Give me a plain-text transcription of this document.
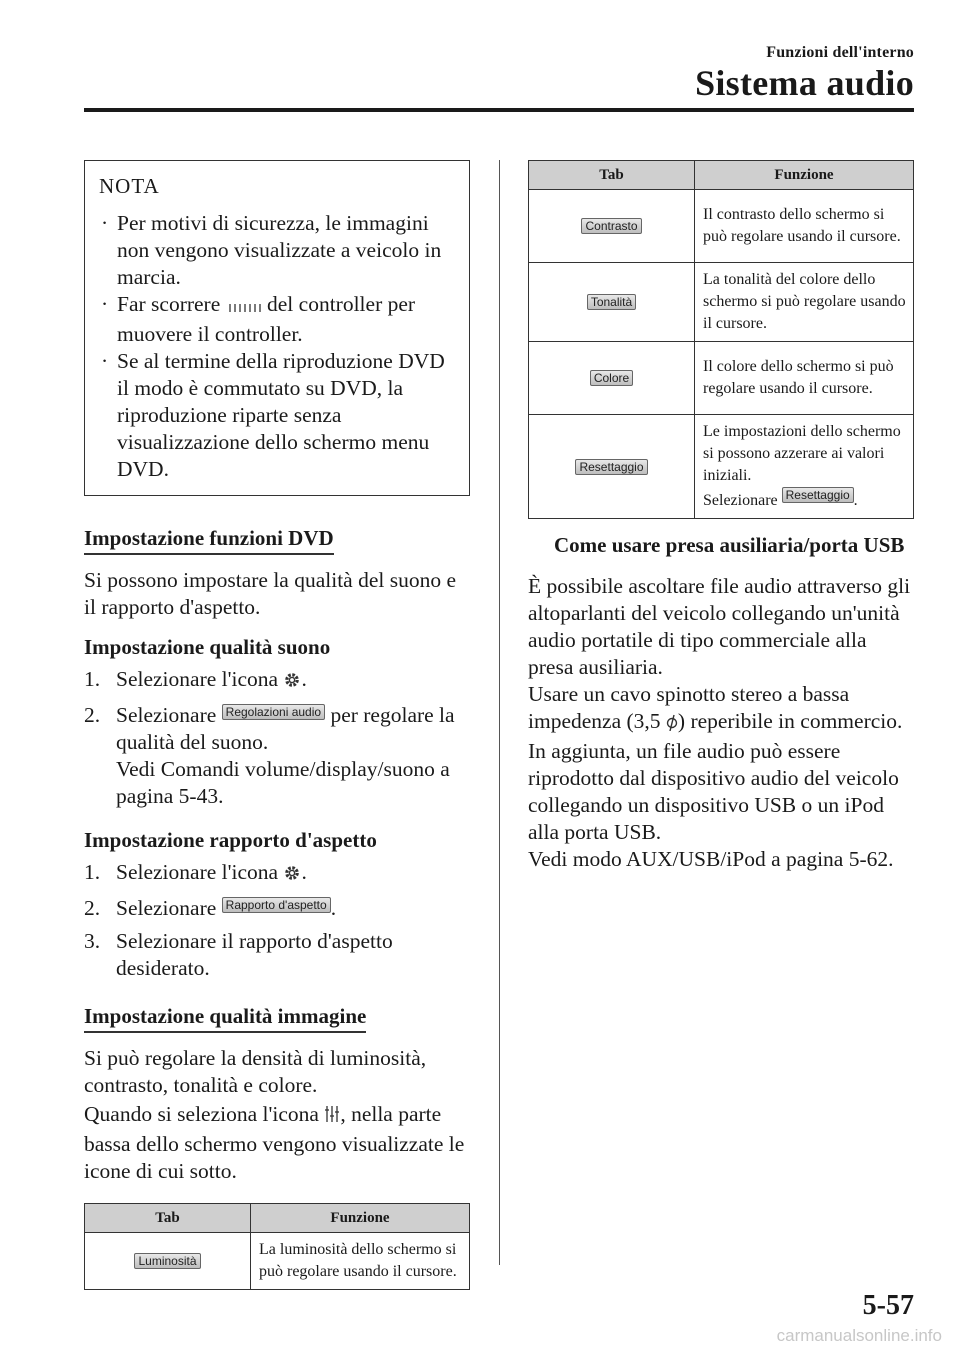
Funzioni dell'interno
Sistema audio
NOTA
· Per motivi di sicurezza, le immagini non vengono visualizzate a veicolo in marcia.
· Far scorrere del controller per muovere il controller.
· Se al termine della riproduzione DVD il modo è commutato su DVD, la riproduzione riparte senza visualizzazione dello schermo menu DVD.
Impostazione funzioni DVD

Si possono impostare la qualità del suono e il rapporto d'aspetto.

Impostazione qualità suono
1. Selezionare l'icona .
2. Selezionare Regolazioni audio per regolare la qualità del suono.
Vedi Comandi volume/display/suono a pagina 5-43.
Impostazione rapporto d'aspetto
1. Selezionare l'icona .
2. Selezionare Rapporto d'aspetto .
3. Selezionare il rapporto d'aspetto desiderato.
Impostazione qualità immagine

Si può regolare la densità di luminosità, contrasto, tonalità e colore.

Quando si seleziona l'icona , nella parte bassa dello schermo vengono visualizzate le icone di cui sotto.

Tab	Funzione
Luminosità	La luminosità dello schermo si può regolare usando il cursore.
Tab	Funzione
Contrasto	Il contrasto dello schermo si può regolare usando il cursore.
Tonalità	La tonalità del colore dello schermo si può regolare usando il cursore.
Colore	Il colore dello schermo si può regolare usando il cursore.
Resettaggio	Le impostazioni dello schermo si possono azzerare ai valori iniziali.
Selezionare Resettaggio .
Come usare presa ausiliaria/porta USB

È possibile ascoltare file audio attraverso gli altoparlanti del veicolo collegando un'unità audio portatile di tipo commerciale alla presa ausiliaria.

Usare un cavo spinotto stereo a bassa impedenza (3,5 ) reperibile in commercio.

In aggiunta, un file audio può essere riprodotto dal dispositivo audio del veicolo collegando un dispositivo USB o un iPod alla porta USB.

Vedi modo AUX/USB/iPod a pagina 5-62.

5-57
carmanualsonline.info
